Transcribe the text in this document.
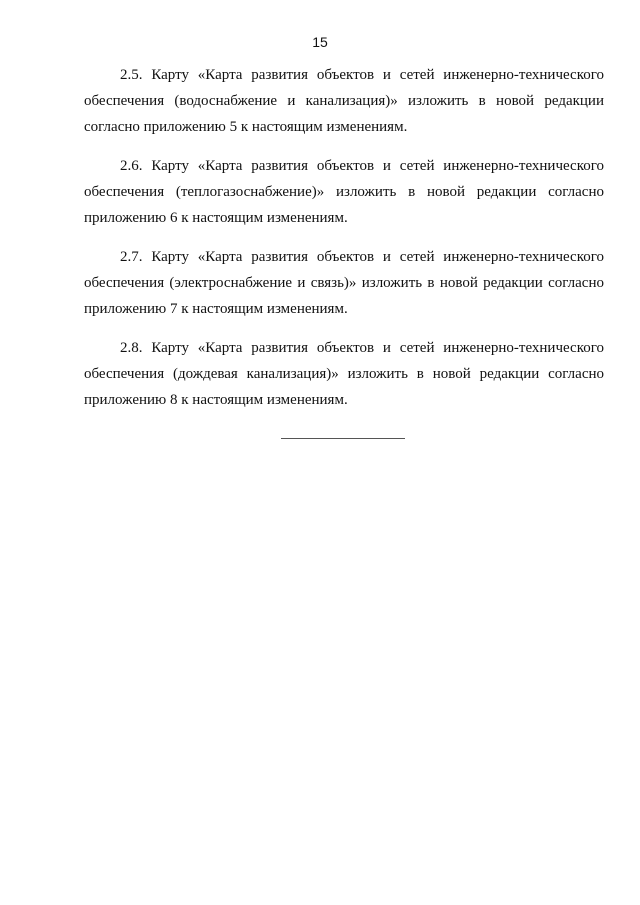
15

2.5. Карту «Карта развития объектов и сетей инженерно-технического обеспечения (водоснабжение и канализация)» изложить в новой редакции согласно приложению 5 к настоящим изменениям.

2.6. Карту «Карта развития объектов и сетей инженерно-технического обеспечения (теплогазоснабжение)» изложить в новой редакции согласно приложению 6 к настоящим изменениям.

2.7. Карту «Карта развития объектов и сетей инженерно-технического обеспечения (электроснабжение и связь)» изложить в новой редакции согласно приложению 7 к настоящим изменениям.

2.8. Карту «Карта развития объектов и сетей инженерно-технического обеспечения (дождевая канализация)» изложить в новой редакции согласно приложению 8 к настоящим изменениям.
